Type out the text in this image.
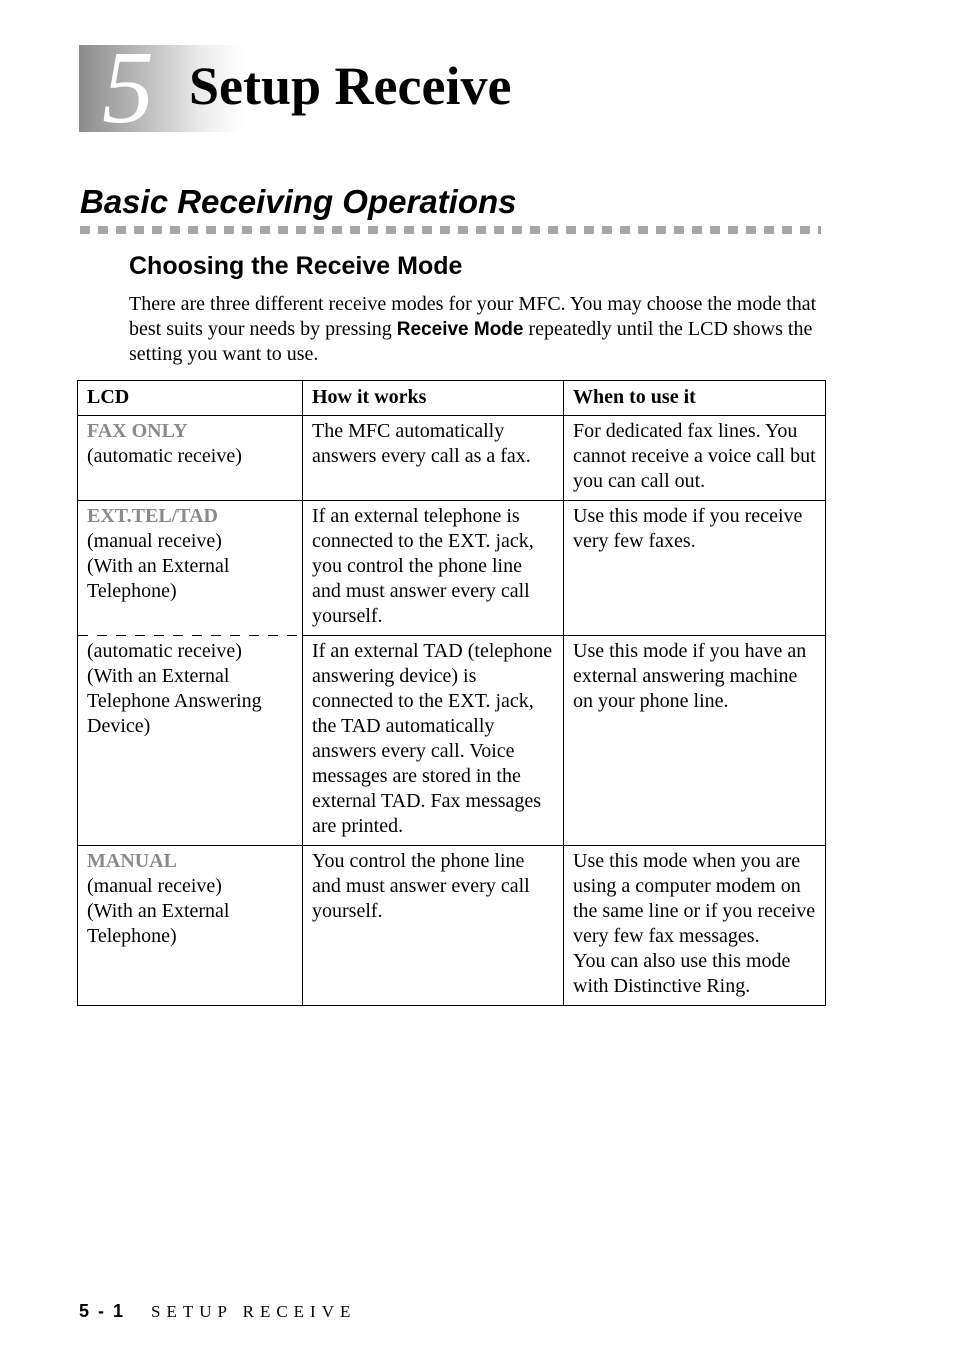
5 Setup Receive
Basic Receiving Operations
Choosing the Receive Mode

There are three different receive modes for your MFC. You may choose the mode that best suits your needs by pressing Receive Mode repeatedly until the LCD shows the setting you want to use.

LCD	How it works	When to use it

FAX ONLY
(automatic receive)	The MFC automatically answers every call as a fax.	For dedicated fax lines. You cannot receive a voice call but you can call out.

EXT.TEL/TAD
(manual receive)
(With an External Telephone)	If an external telephone is connected to the EXT. jack, you control the phone line and must answer every call yourself.	Use this mode if you receive very few faxes.

(automatic receive)
(With an External Telephone Answering Device)	If an external TAD (telephone answering device) is connected to the EXT. jack, the TAD automatically answers every call. Voice messages are stored in the external TAD. Fax messages are printed.	Use this mode if you have an external answering machine on your phone line.

MANUAL
(manual receive)
(With an External Telephone)	You control the phone line and must answer every call yourself.	Use this mode when you are using a computer modem on the same line or if you receive very few fax messages.
You can also use this mode with Distinctive Ring.
5 - 1 SETUP RECEIVE
